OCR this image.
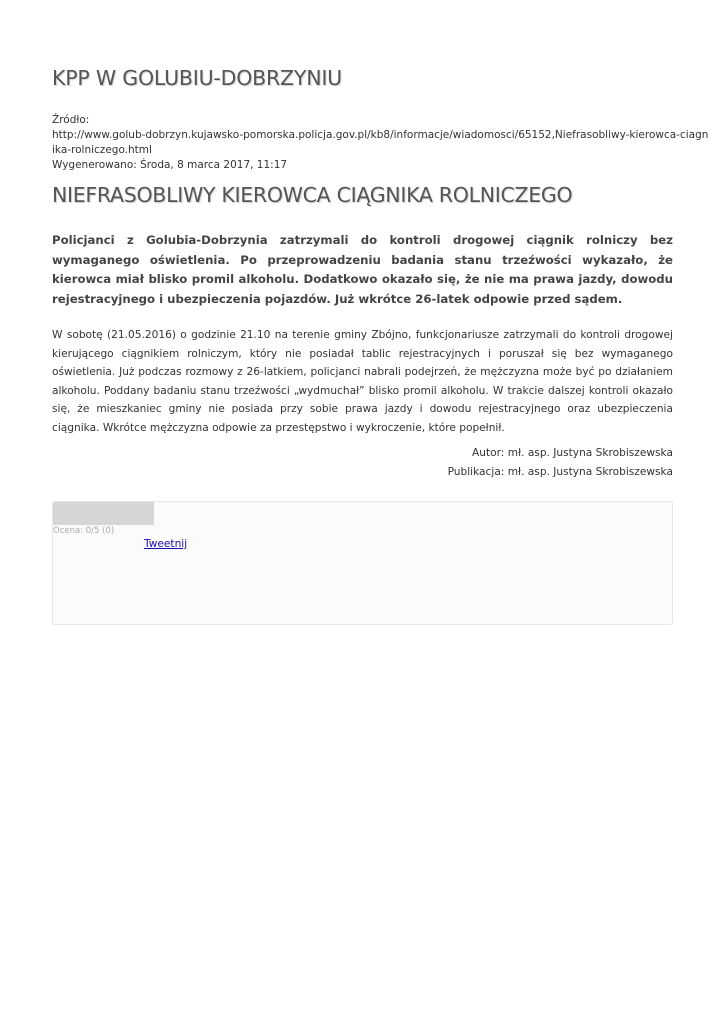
KPP W GOLUBIU-DOBRZYNIU
Źródło:
http://www.golub-dobrzyn.kujawsko-pomorska.policja.gov.pl/kb8/informacje/wiadomosci/65152,Niefrasobliwy-kierowca-ciagn
ika-rolniczego.html
Wygenerowano: Środa, 8 marca 2017, 11:17
NIEFRASOBLIWY KIEROWCA CIĄGNIKA ROLNICZEGO

Policjanci z Golubia-Dobrzynia zatrzymali do kontroli drogowej ciągnik rolniczy bez wymaganego oświetlenia. Po przeprowadzeniu badania stanu trzeźwości wykazało, że kierowca miał blisko promil alkoholu. Dodatkowo okazało się, że nie ma prawa jazdy, dowodu rejestracyjnego i ubezpieczenia pojazdów. Już wkrótce 26-latek odpowie przed sądem.

W sobotę (21.05.2016) o godzinie 21.10 na terenie gminy Zbójno, funkcjonariusze zatrzymali do kontroli drogowej kierującego ciągnikiem rolniczym, który nie posiadał tablic rejestracyjnych i poruszał się bez wymaganego oświetlenia. Już podczas rozmowy z 26-latkiem, policjanci nabrali podejrzeń, że mężczyzna może być po działaniem alkoholu. Poddany badaniu stanu trzeźwości „wydmuchał” blisko promil alkoholu. W trakcie dalszej kontroli okazało się, że mieszkaniec gminy nie posiada przy sobie prawa jazdy i dowodu rejestracyjnego oraz ubezpieczenia ciągnika. Wkrótce mężczyzna odpowie za przestępstwo i wykroczenie, które popełnił.

Autor: mł. asp. Justyna Skrobiszewska
Publikacja: mł. asp. Justyna Skrobiszewska
Ocena: 0/5 (0)
Tweetnij
